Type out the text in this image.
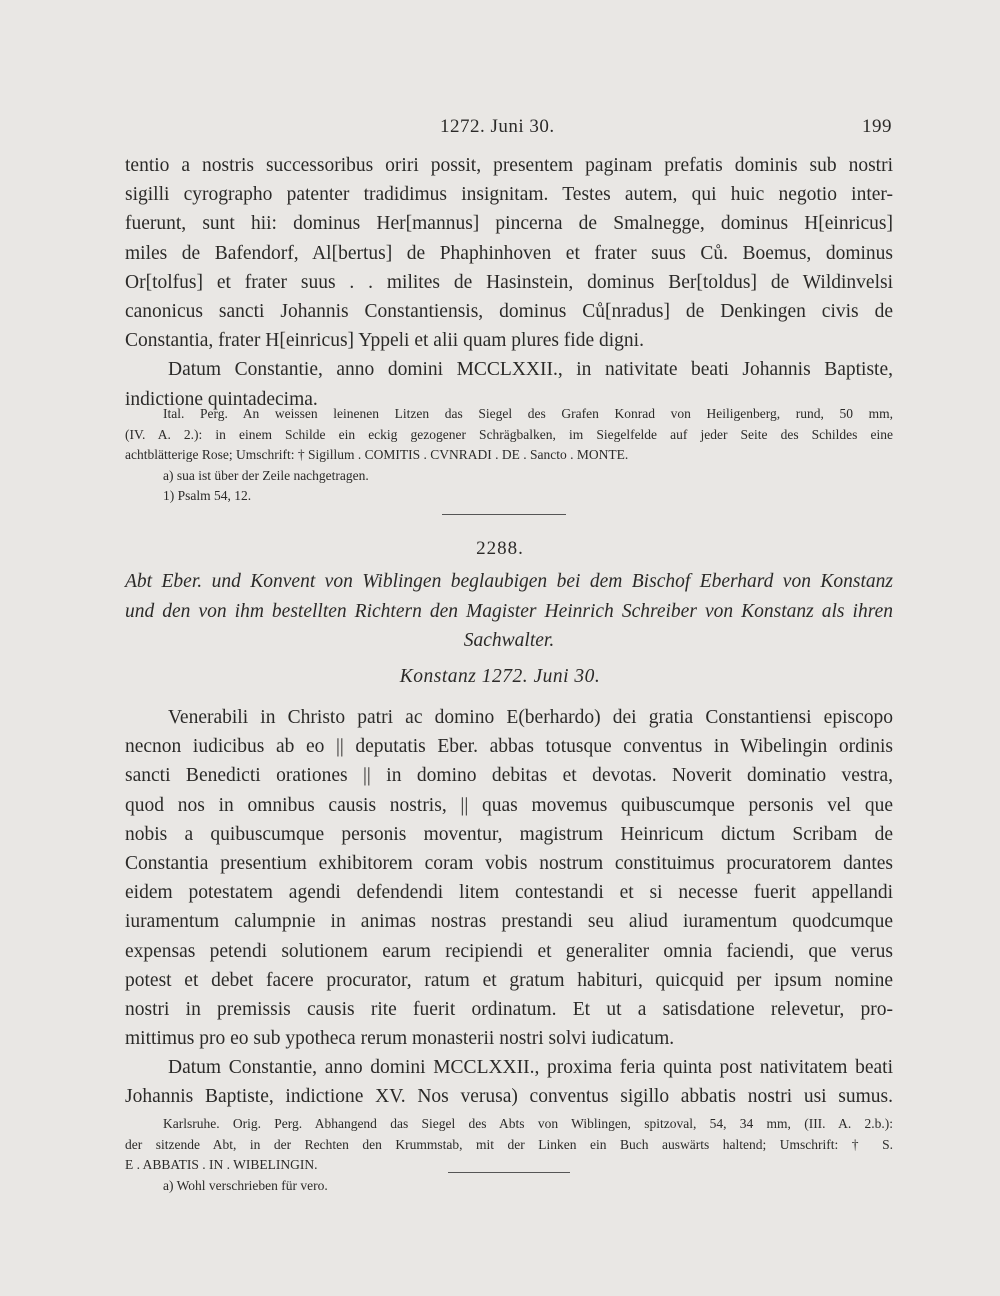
1272. Juni 30.	199
tentio a nostris successoribus oriri possit, presentem paginam prefatis dominis sub nostri
sigilli cyrographo patenter tradidimus insignitam. Testes autem, qui huic negotio inter-
fuerunt, sunt hii: dominus Her[mannus] pincerna de Smalnegge, dominus H[einricus]
miles de Bafendorf, Al[bertus] de Phaphinhoven et frater suus Ců. Boemus, dominus
Or[tolfus] et frater suus . . milites de Hasinstein, dominus Ber[toldus] de Wildinvelsi
canonicus sancti Johannis Constantiensis, dominus Ců[nradus] de Denkingen civis de
Constantia, frater H[einricus] Yppeli et alii quam plures fide digni.
Datum Constantie, anno domini MCCLXXII., in nativitate beati Johannis Baptiste,
indictione quintadecima.
Ital. Perg. An weissen leinenen Litzen das Siegel des Grafen Konrad von Heiligenberg, rund, 50 mm,
(IV. A. 2.): in einem Schilde ein eckig gezogener Schrägbalken, im Siegelfelde auf jeder Seite des Schildes eine
achtblätterige Rose; Umschrift: † Sigillum . COMITIS . CVNRADI . DE . Sancto . MONTE.
a) sua ist über der Zeile nachgetragen.
1) Psalm 54, 12.
2288.
Abt Eber. und Konvent von Wiblingen beglaubigen bei dem Bischof Eberhard von Konstanz
und den von ihm bestellten Richtern den Magister Heinrich Schreiber von Konstanz als ihren
Sachwalter.
Konstanz 1272. Juni 30.
Venerabili in Christo patri ac domino E(berhardo) dei gratia Constantiensi episcopo
necnon iudicibus ab eo || deputatis Eber. abbas totusque conventus in Wibelingin ordinis
sancti Benedicti orationes || in domino debitas et devotas. Noverit dominatio vestra,
quod nos in omnibus causis nostris, || quas movemus quibuscumque personis vel que
nobis a quibuscumque personis moventur, magistrum Heinricum dictum Scribam de
Constantia presentium exhibitorem coram vobis nostrum constituimus procuratorem dantes
eidem potestatem agendi defendendi litem contestandi et si necesse fuerit appellandi
iuramentum calumpnie in animas nostras prestandi seu aliud iuramentum quodcumque
expensas petendi solutionem earum recipiendi et generaliter omnia faciendi, que verus
potest et debet facere procurator, ratum et gratum habituri, quicquid per ipsum nomine
nostri in premissis causis rite fuerit ordinatum. Et ut a satisdatione relevetur, pro-
mittimus pro eo sub ypotheca rerum monasterii nostri solvi iudicatum.
Datum Constantie, anno domini MCCLXXII., proxima feria quinta post nativitatem beati
Johannis Baptiste, indictione XV. Nos verusa) conventus sigillo abbatis nostri usi sumus.
Karlsruhe. Orig. Perg. Abhangend das Siegel des Abts von Wiblingen, spitzoval, 54, 34 mm, (III. A. 2.b.):
der sitzende Abt, in der Rechten den Krummstab, mit der Linken ein Buch auswärts haltend; Umschrift: † S.
E . ABBATIS . IN . WIBELINGIN.
a) Wohl verschrieben für vero.
